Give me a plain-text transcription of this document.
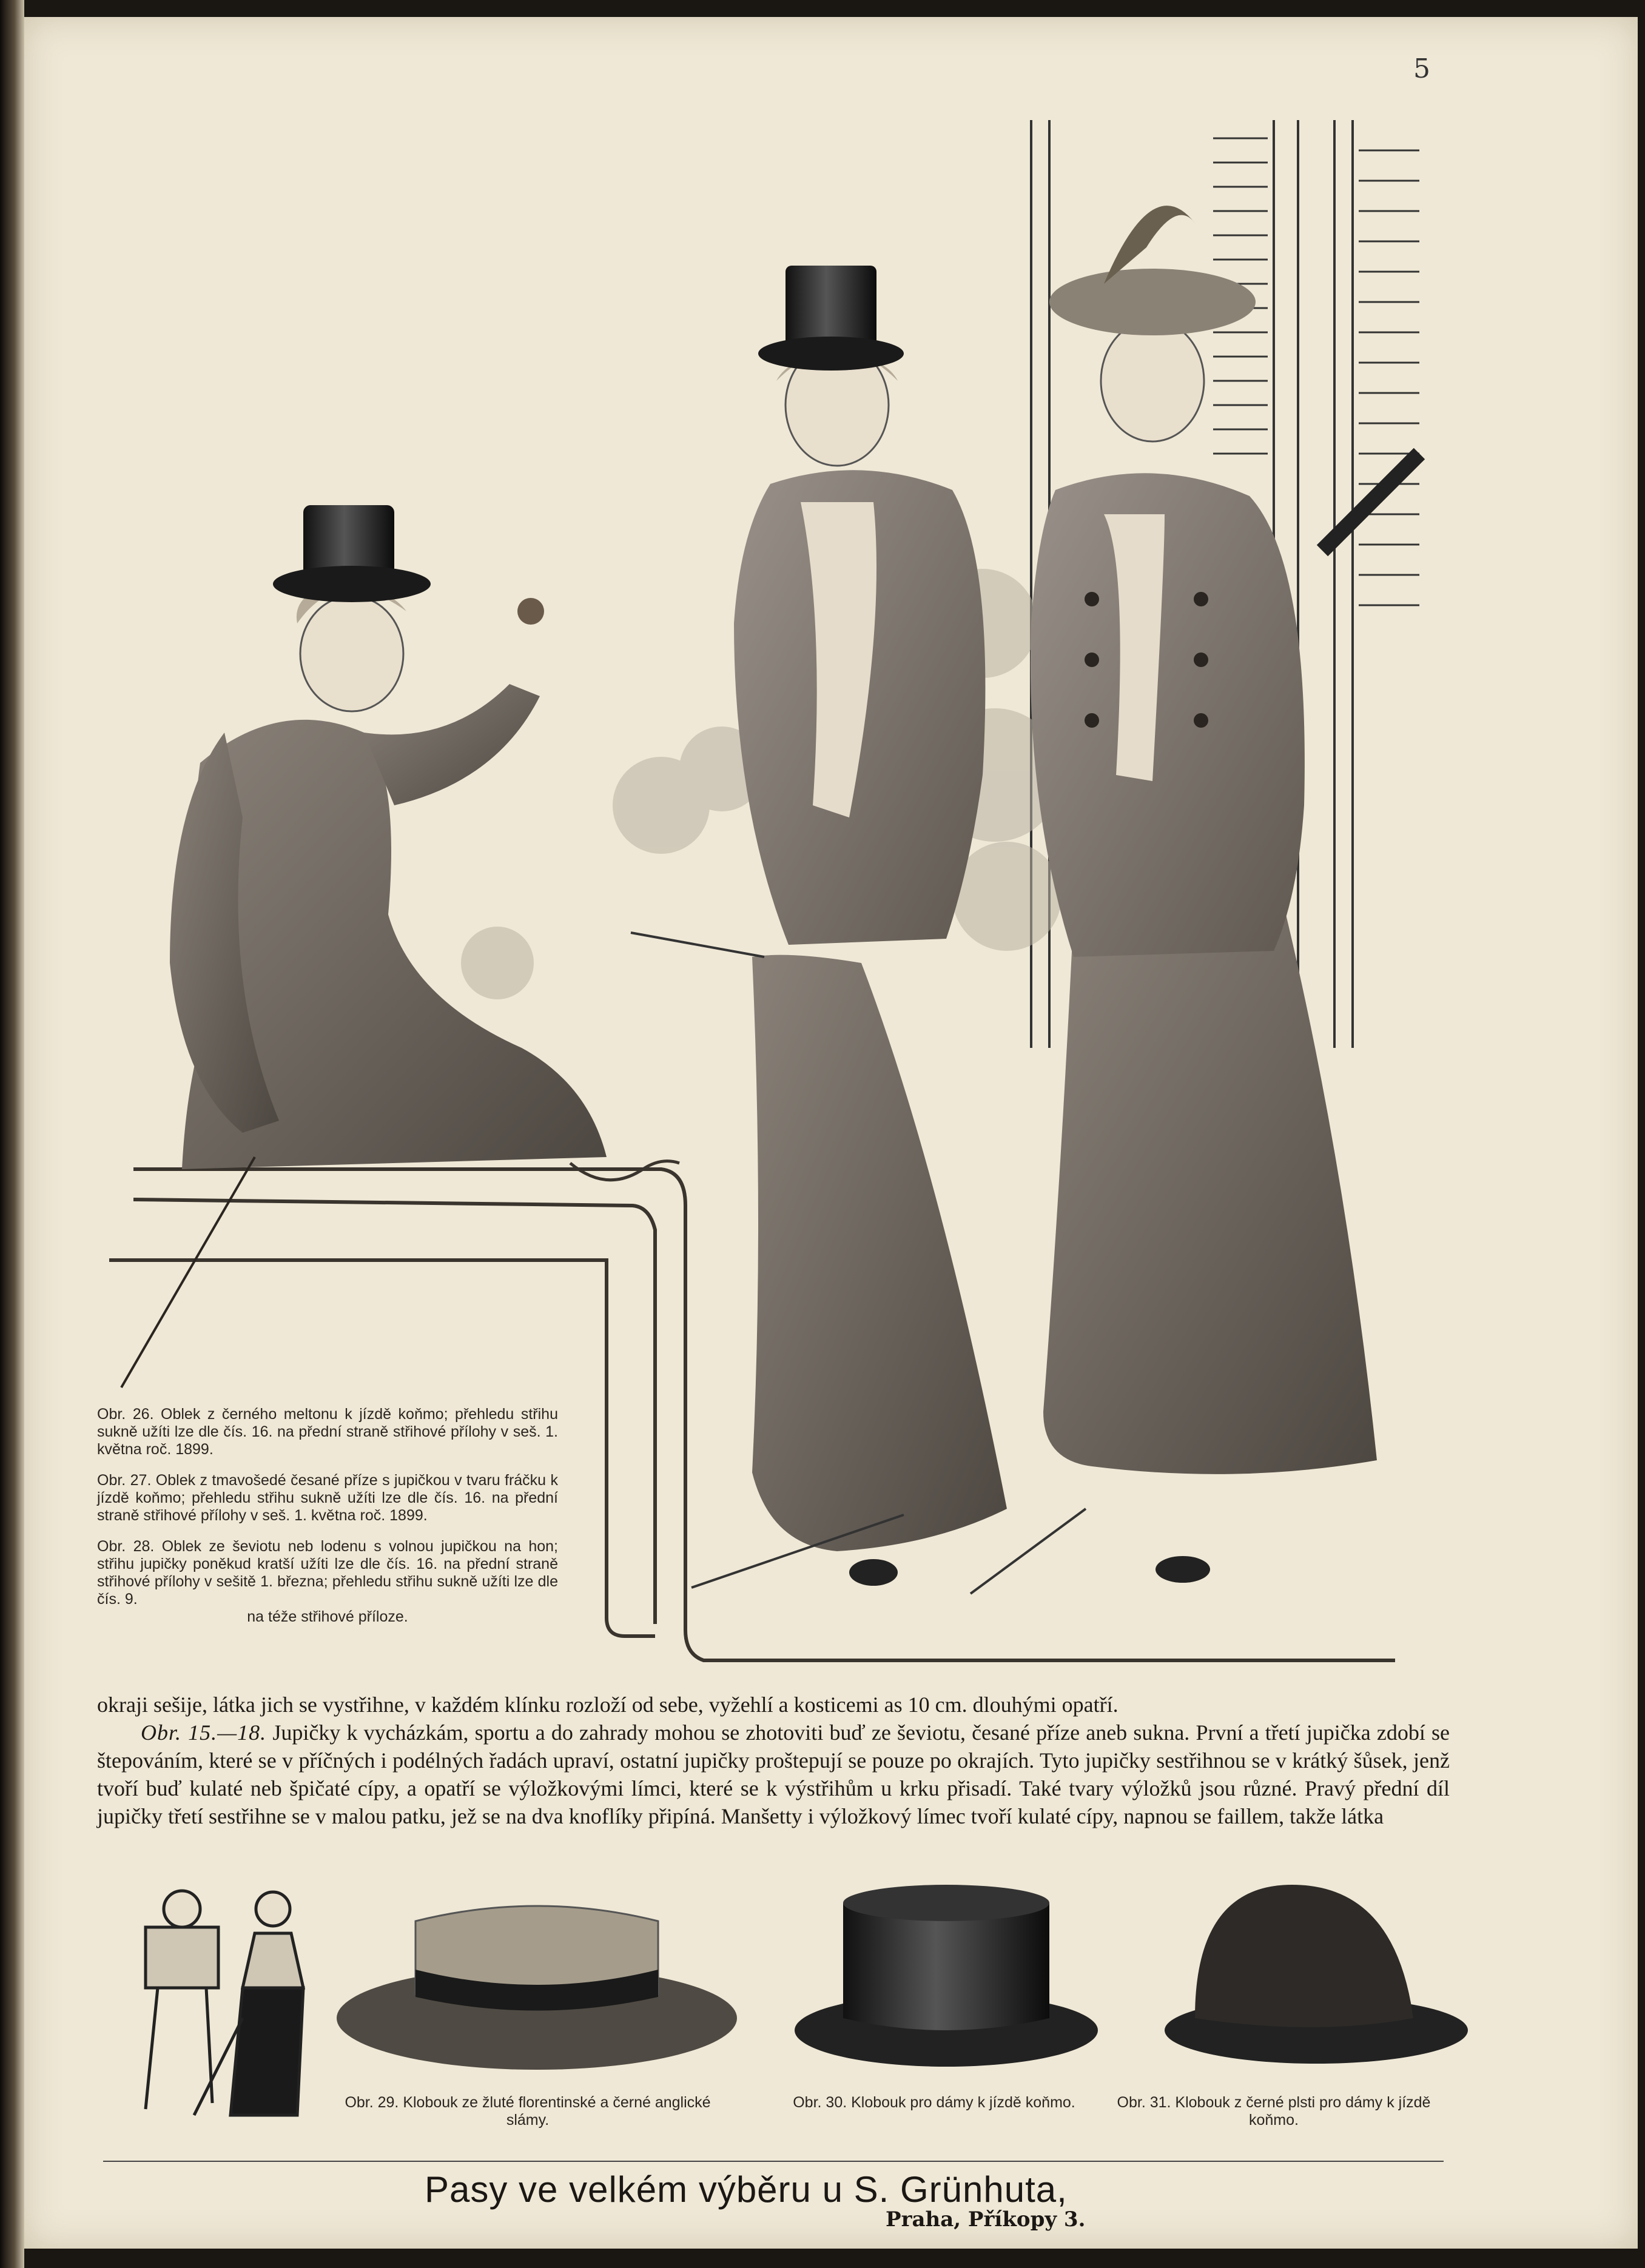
5

Obr. 26. Oblek z černého meltonu k jízdě koňmo; přehledu střihu sukně užíti lze dle čís. 16. na přední straně střihové přílohy v seš. 1. května roč. 1899.

Obr. 27. Oblek z tmavošedé česané příze s jupičkou v tvaru fráčku k jízdě koňmo; přehledu střihu sukně užíti lze dle čís. 16. na přední straně střihové přílohy v seš. 1. května roč. 1899.

Obr. 28. Oblek ze ševiotu neb lodenu s volnou jupičkou na hon; střihu jupičky poněkud kratší užíti lze dle čís. 16. na přední straně střihové přílohy v sešitě 1. března; přehledu střihu sukně užíti lze dle čís. 9.

na téže střihové příloze.

okraji sešije, látka jich se vystřihne, v každém klínku rozloží od sebe, vyžehlí a kosticemi as 10 cm. dlouhými opatří.

  Obr. 15.—18. Jupičky k vycházkám, sportu a do zahrady mohou se zhotoviti buď ze ševiotu, česané příze aneb sukna. První a třetí jupička zdobí se štepováním, které se v příčných i podélných řadách upraví, ostatní jupičky proštepují se pouze po okrajích. Tyto jupičky sestřihnou se v krátký šůsek, jenž tvoří buď kulaté neb špičaté cípy, a opatří se výložkovými límci, které se k výstřihům u krku přisadí. Také tvary výložků jsou různé. Pravý přední díl jupičky třetí sestřihne se v malou patku, jež se na dva knoflíky připíná. Manšetty i výložkový límec tvoří kulaté cípy, napnou se faillem, takže látka

Obr. 29. Klobouk ze žluté florentinské a černé anglické slámy.
Obr. 30. Klobouk pro dámy k jízdě koňmo.	Obr. 31. Klobouk z černé plsti pro dámy k jízdě koňmo.
Pasy ve velkém výběru u S. Grünhuta,
Praha, Příkopy 3.
